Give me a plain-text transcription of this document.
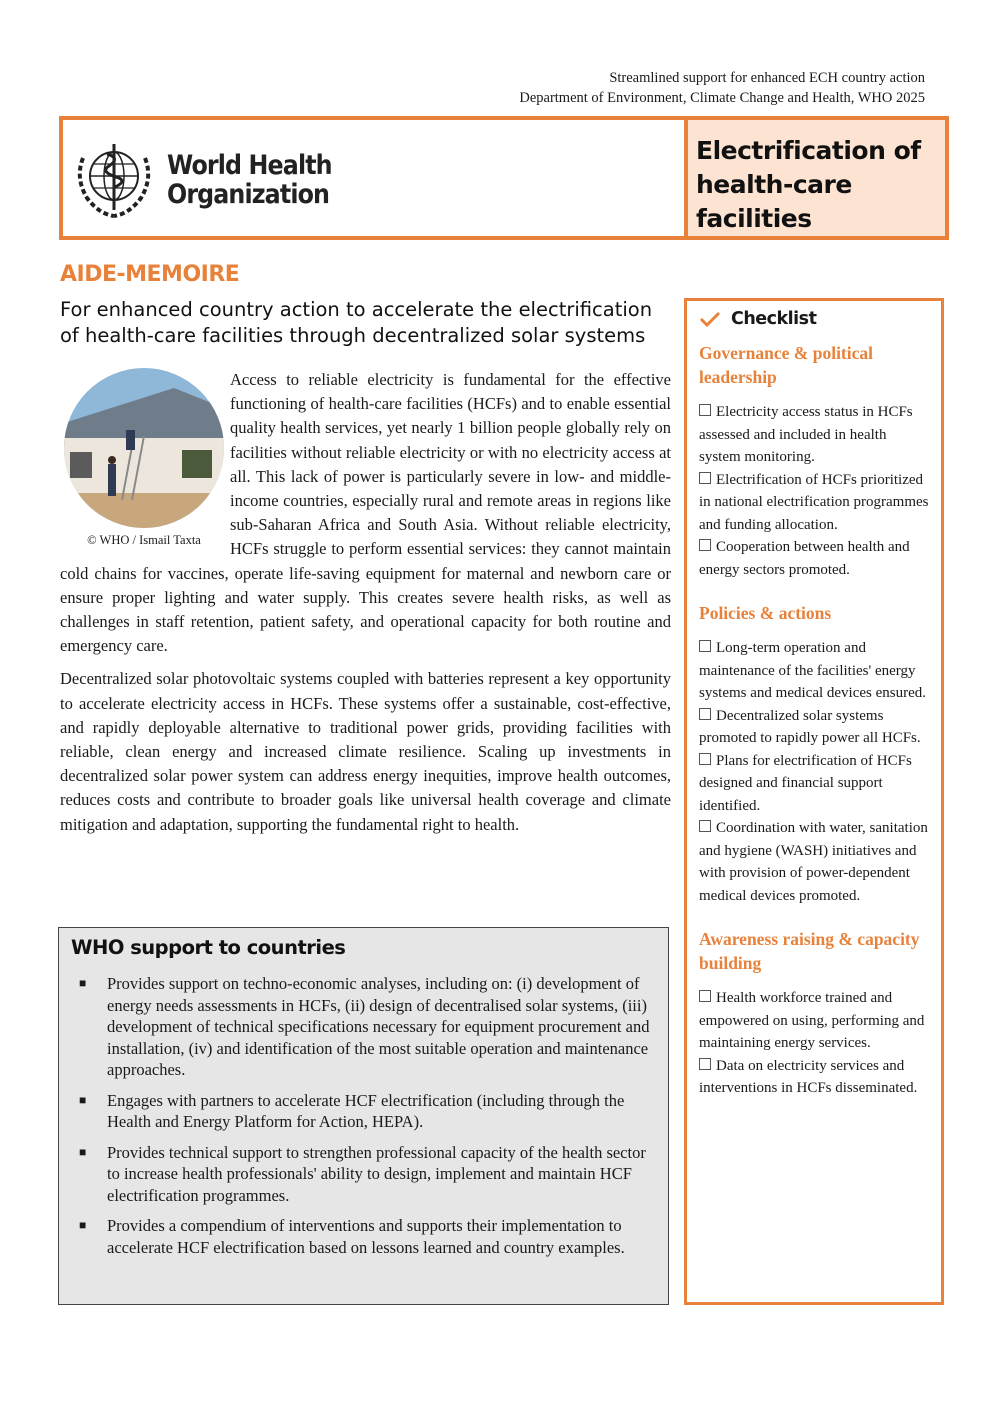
Streamlined support for enhanced ECH country action
Department of Environment, Climate Change and Health, WHO 2025
World Health
Organization
Electrification of
health-care
facilities
AIDE-MEMOIRE
For enhanced country action to accelerate the electrification of health-care facilities through decentralized solar systems

Access to reliable electricity is fundamental for the effective functioning of health-care facilities (HCFs) and to enable essential quality health services, yet nearly 1 billion people globally rely on facilities without reliable electricity or with no electricity access at all. This lack of power is particularly severe in low- and middle-income countries, especially rural and remote areas in regions like sub-Saharan Africa and South Asia. Without reliable electricity, HCFs struggle to perform essential services: they cannot maintain cold chains for vaccines, operate life-saving equipment for maternal and newborn care or ensure proper lighting and water supply. This creates severe health risks, as well as challenges in staff retention, patient safety, and operational capacity for both routine and emergency care.

Decentralized solar photovoltaic systems coupled with batteries represent a key opportunity to accelerate electricity access in HCFs. These systems offer a sustainable, cost-effective, and rapidly deployable alternative to traditional power grids, providing facilities with reliable, clean energy and increased climate resilience. Scaling up investments in decentralized solar power system can address energy inequities, improve health outcomes, reduces costs and contribute to broader goals like universal health coverage and climate mitigation and adaptation, supporting the fundamental right to health.

© WHO / Ismail Taxta
WHO support to countries
■ Provides support on techno-economic analyses, including on: (i) development of energy needs assessments in HCFs, (ii) design of decentralised solar systems, (iii) development of technical specifications necessary for equipment procurement and installation, (iv) and identification of the most suitable operation and maintenance approaches.
■ Engages with partners to accelerate HCF electrification (including through the Health and Energy Platform for Action, HEPA).
■ Provides technical support to strengthen professional capacity of the health sector to increase health professionals' ability to design, implement and maintain HCF electrification programmes.
■ Provides a compendium of interventions and supports their implementation to accelerate HCF electrification based on lessons learned and country examples.
Checklist
Governance & political leadership

Electricity access status in HCFs assessed and included in health system monitoring.

Electrification of HCFs prioritized in national electrification programmes and funding allocation.

Cooperation between health and energy sectors promoted.

Policies & actions

Long-term operation and maintenance of the facilities' energy systems and medical devices ensured.

Decentralized solar systems promoted to rapidly power all HCFs.

Plans for electrification of HCFs designed and financial support identified.

Coordination with water, sanitation and hygiene (WASH) initiatives and with provision of power-dependent medical devices promoted.

Awareness raising & capacity building

Health workforce trained and empowered on using, performing and maintaining energy services.

Data on electricity services and interventions in HCFs disseminated.
